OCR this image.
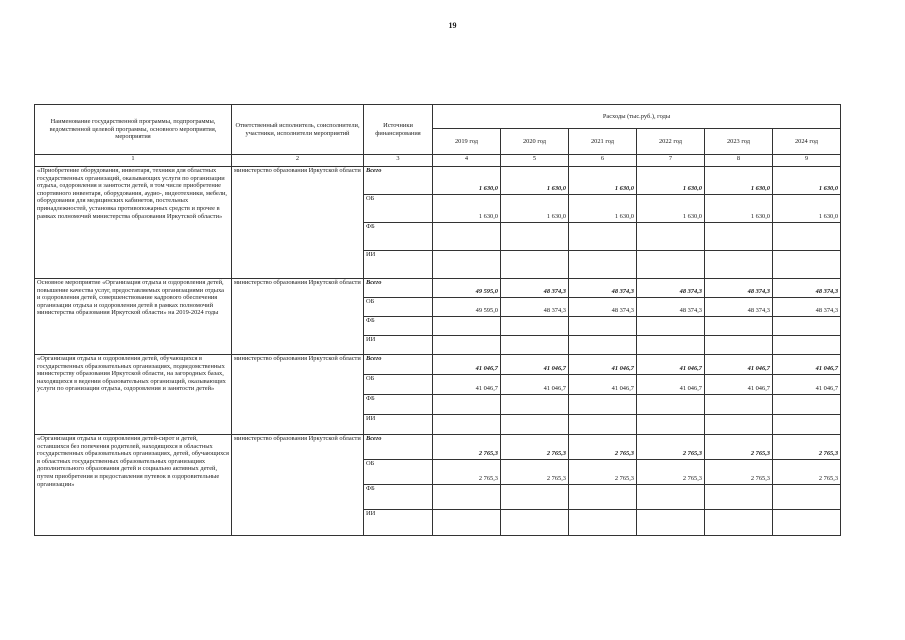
19
Наименование государственной программы, подпрограммы, ведомственной целевой программы, основного мероприятия, мероприятия	Ответственный исполнитель, соисполнители, участники, исполнители мероприятий	Источники финансирования	Расходы (тыс.руб.), годы					
			2019 год	2020 год	2021 год	2022 год	2023 год	2024 год
1	2	3	4	5	6	7	8	9
«Приобретение оборудования, инвентаря, техники для областных государственных организаций, оказывающих услуги по организации отдыха, оздоровления и занятости детей, в том числе приобретение спортивного инвентаря, оборудования, аудио-, видеотехники, мебели, оборудования для медицинских кабинетов, постельных принадлежностей, установка противопожарных средств и прочее в рамках полномочий министерства образования Иркутской области»	министерство образования Иркутской области	Всего	1 630,0	1 630,0	1 630,0	1 630,0	1 630,0	1 630,0
		ОБ	1 630,0	1 630,0	1 630,0	1 630,0	1 630,0	1 630,0
		ФБ						
		ИИ						
Основное мероприятие «Организация отдыха и оздоровления детей, повышение качества услуг, предоставляемых организациями отдыха и оздоровления детей, совершенствование кадрового обеспечения организации отдыха и оздоровления детей в рамках полномочий министерства образования Иркутской области» на 2019-2024 годы	министерство образования Иркутской области	Всего	49 595,0	48 374,3	48 374,3	48 374,3	48 374,3	48 374,3
		ОБ	49 595,0	48 374,3	48 374,3	48 374,3	48 374,3	48 374,3
		ФБ						
		ИИ						
«Организация отдыха и оздоровления детей, обучающихся в государственных образовательных организациях, подведомственных министерству образования Иркутской области, на загородных базах, находящихся в ведении образовательных организаций, оказывающих услуги по организации отдыха, оздоровления и занятости детей»	министерство образования Иркутской области	Всего	41 046,7	41 046,7	41 046,7	41 046,7	41 046,7	41 046,7
		ОБ	41 046,7	41 046,7	41 046,7	41 046,7	41 046,7	41 046,7
		ФБ						
		ИИ						
«Организация отдыха и оздоровления детей-сирот и детей, оставшихся без попечения родителей, находящихся в областных государственных образовательных организациях, детей, обучающихся в областных государственных образовательных организациях дополнительного образования детей и социально активных детей, путем приобретения и предоставления путевок в оздоровительные организации»	министерство образования Иркутской области	Всего	2 765,3	2 765,3	2 765,3	2 765,3	2 765,3	2 765,3
		ОБ	2 765,3	2 765,3	2 765,3	2 765,3	2 765,3	2 765,3
		ФБ						
		ИИ						
